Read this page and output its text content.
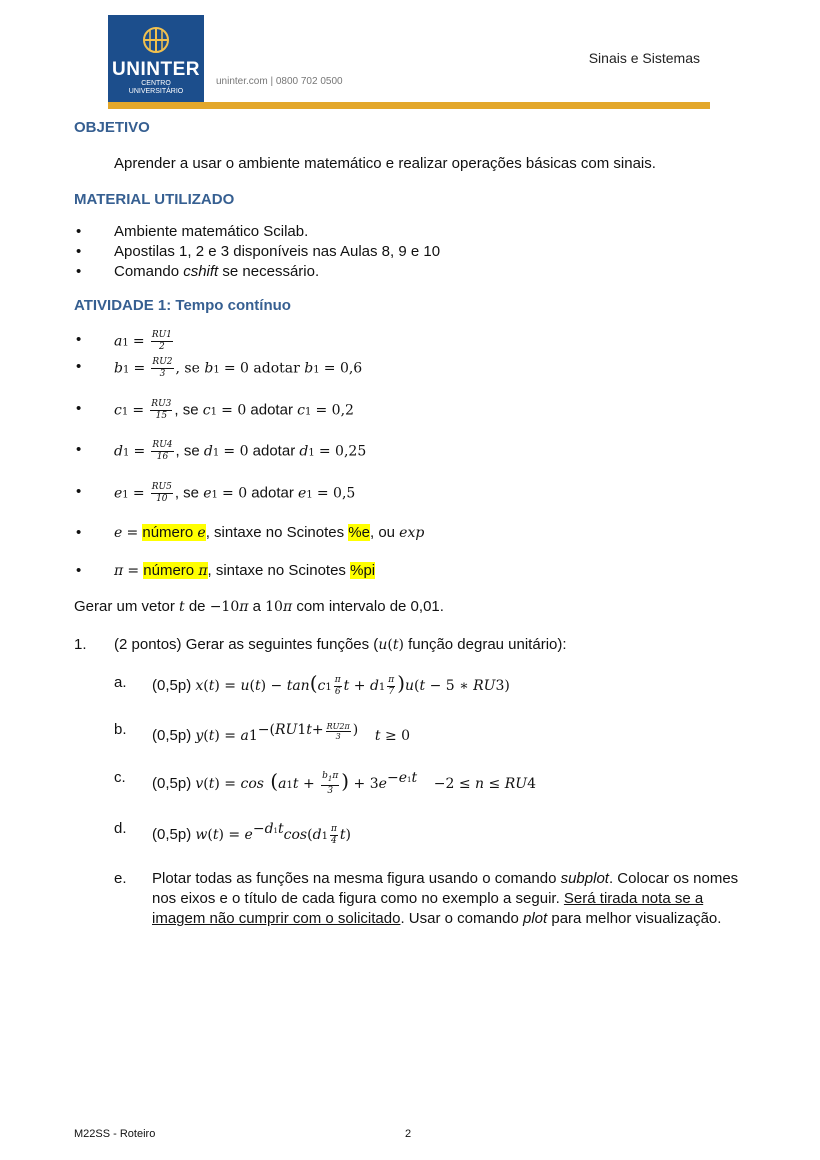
UNINTER
CENTRO
UNIVERSITÁRIO
uninter.com | 0800 702 0500
Sinais e Sistemas
OBJETIVO
Aprender a usar o ambiente matemático e realizar operações básicas com sinais.
MATERIAL UTILIZADO
• Ambiente matemático Scilab.
• Apostilas 1, 2 e 3 disponíveis nas Aulas 8, 9 e 10
• Comando cshift se necessário.
ATIVIDADE 1: Tempo contínuo
• $a1 = \frac{RU1}{2}$
• $b1 = \frac{RU2}{3}$ , se b1 = 0 adotar b1 = 0,6
• $c1 = \frac{RU3}{15}$ , se c1 = 0 adotar c1 = 0,2
• $d1 = \frac{RU4}{16}$ , se d1 = 0 adotar d1 = 0,25
• $e1 = \frac{RU5}{10}$ , se e1 = 0 adotar e1 = 0,5
• e = número e, sintaxe no Scinotes %e, ou exp
• π = número π, sintaxe no Scinotes %pi
Gerar um vetor t de −10π a 10π com intervalo de 0,01.
1. (2 pontos) Gerar as seguintes funções (u(t) função degrau unitário):
a. (0,5p) $x(t) = u(t) - \tan(c1 \frac{\pi}{6}$ $t + d1 \frac{\pi}{7} )u(t - 5$ ∗ RU3)
b. (0,5p) $y(t) = a1^{-(RU1t+ \frac{RU2\pi}{3} )}$ t ≥ 0
c. (0,5p) $v(t) = \cos (a1t + \frac{b_1\pi}{3}$ ) + $3e^{-e1t} -2 \le n \le RU4$
d. (0,5p) $w(t) = e^{-d1t}\cos(d1 \frac{\pi}{4} t)$
e. Plotar todas as funções na mesma figura usando o comando subplot. Colocar os nomes nos eixos e o título de cada figura como no exemplo a seguir. Será tirada nota se a imagem não cumprir com o solicitado. Usar o comando plot para melhor visualização.
M22SS - Roteiro	2
